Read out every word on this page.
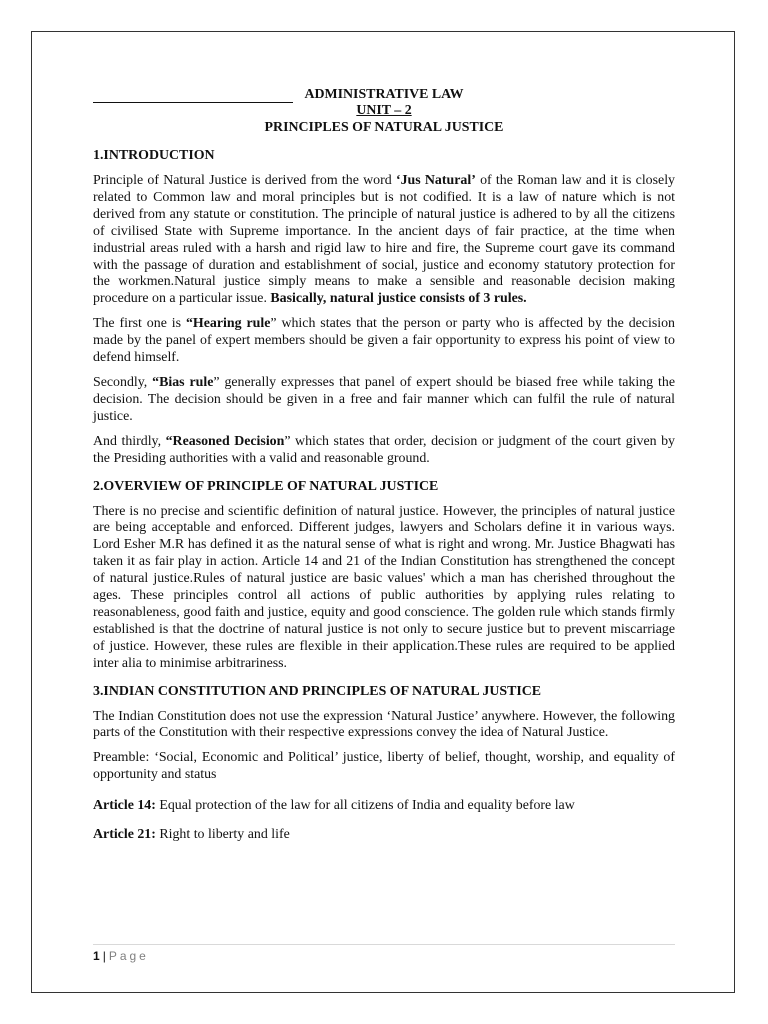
ADMINISTRATIVE LAW
UNIT – 2
PRINCIPLES OF NATURAL JUSTICE
1.INTRODUCTION

Principle of Natural Justice is derived from the word ‘Jus Natural’ of the Roman law and it is closely related to Common law and moral principles but is not codified. It is a law of nature which is not derived from any statute or constitution. The principle of natural justice is adhered to by all the citizens of civilised State with Supreme importance. In the ancient days of fair practice, at the time when industrial areas ruled with a harsh and rigid law to hire and fire, the Supreme court gave its command with the passage of duration and establishment of social, justice and economy statutory protection for the workmen.Natural justice simply means to make a sensible and reasonable decision making procedure on a particular issue. Basically, natural justice consists of 3 rules.

The first one is “Hearing rule” which states that the person or party who is affected by the decision made by the panel of expert members should be given a fair opportunity to express his point of view to defend himself.

Secondly, “Bias rule” generally expresses that panel of expert should be biased free while taking the decision. The decision should be given in a free and fair manner which can fulfil the rule of natural justice.

And thirdly, “Reasoned Decision” which states that order, decision or judgment of the court given by the Presiding authorities with a valid and reasonable ground.

2.OVERVIEW OF PRINCIPLE OF NATURAL JUSTICE

There is no precise and scientific definition of natural justice. However, the principles of natural justice are being acceptable and enforced. Different judges, lawyers and Scholars define it in various ways. Lord Esher M.R has defined it as the natural sense of what is right and wrong. Mr. Justice Bhagwati has taken it as fair play in action. Article 14 and 21 of the Indian Constitution has strengthened the concept of natural justice.Rules of natural justice are basic values' which a man has cherished throughout the ages. These principles control all actions of public authorities by applying rules relating to reasonableness, good faith and justice, equity and good conscience. The golden rule which stands firmly established is that the doctrine of natural justice is not only to secure justice but to prevent miscarriage of justice. However, these rules are flexible in their application.These rules are required to be applied inter alia to minimise arbitrariness.

3.INDIAN CONSTITUTION AND PRINCIPLES OF NATURAL JUSTICE

The Indian Constitution does not use the expression ‘Natural Justice’ anywhere. However, the following parts of the Constitution with their respective expressions convey the idea of Natural Justice.

Preamble: ‘Social, Economic and Political’ justice, liberty of belief, thought, worship, and equality of opportunity and status

Article 14: Equal protection of the law for all citizens of India and equality before law

Article 21: Right to liberty and life

1 | Page
